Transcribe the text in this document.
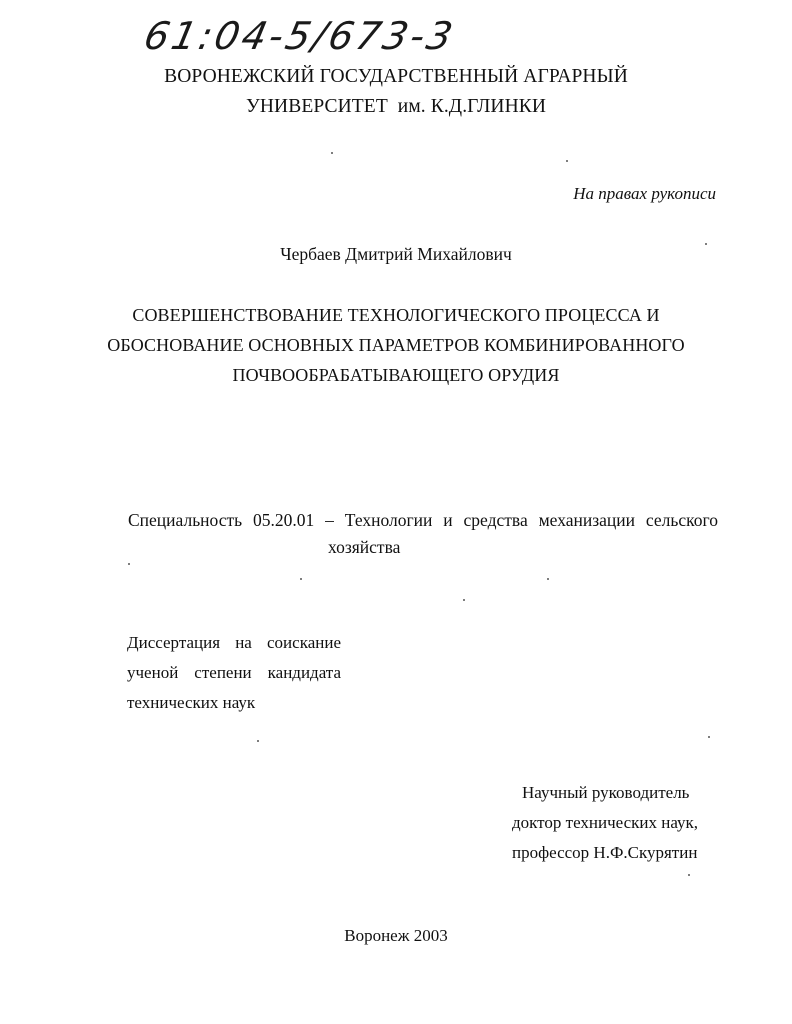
61:04-5/673-3
ВОРОНЕЖСКИЙ ГОСУДАРСТВЕННЫЙ АГРАРНЫЙ
УНИВЕРСИТЕТ  им. К.Д.ГЛИНКИ
На правах рукописи
Чербаев Дмитрий Михайлович
СОВЕРШЕНСТВОВАНИЕ ТЕХНОЛОГИЧЕСКОГО ПРОЦЕССА И
ОБОСНОВАНИЕ ОСНОВНЫХ ПАРАМЕТРОВ КОМБИНИРОВАННОГО
ПОЧВООБРАБАТЫВАЮЩЕГО ОРУДИЯ
Специальность 05.20.01 – Технологии и средства механизации сельского
хозяйства
Диссертация на соискание
ученой степени кандидата
технических наук
Научный руководитель
доктор технических наук,
профессор Н.Ф.Скурятин
Воронеж 2003
